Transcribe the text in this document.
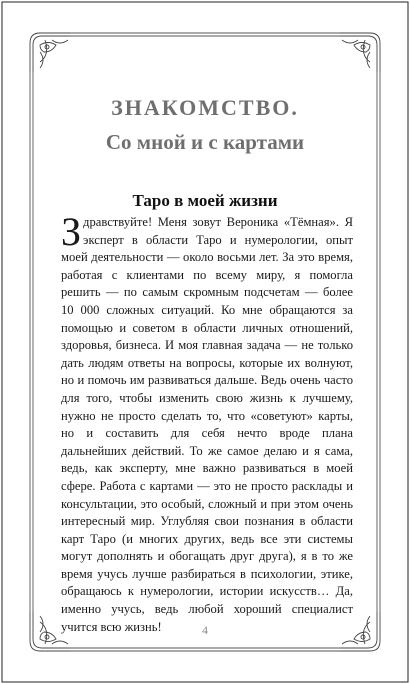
ЗНАКОМСТВО.
Со мной и с картами
Таро в моей жизни

Здравствуйте! Меня зовут Вероника «Тёмная». Я эксперт в области Таро и нумерологии, опыт моей деятельности — около восьми лет. За это время, работая с клиентами по всему миру, я помогла решить — по самым скромным подсчетам — более 10 000 сложных ситуаций. Ко мне обращаются за помощью и советом в области личных отношений, здоровья, бизнеса. И моя главная задача — не только дать людям ответы на вопросы, которые их волнуют, но и помочь им развиваться дальше. Ведь очень часто для того, чтобы изменить свою жизнь к лучшему, нужно не просто сделать то, что «советуют» карты, но и составить для себя нечто вроде плана дальнейших действий. То же самое делаю и я сама, ведь, как эксперту, мне важно развиваться в моей сфере. Работа с картами — это не просто расклады и консультации, это особый, сложный и при этом очень интересный мир. Углубляя свои познания в области карт Таро (и многих других, ведь все эти системы могут дополнять и обогащать друг друга), я в то же время учусь лучше разбираться в психологии, этике, обращаюсь к нумерологии, истории искусств… Да, именно учусь, ведь любой хороший специалист учится всю жизнь!	4
